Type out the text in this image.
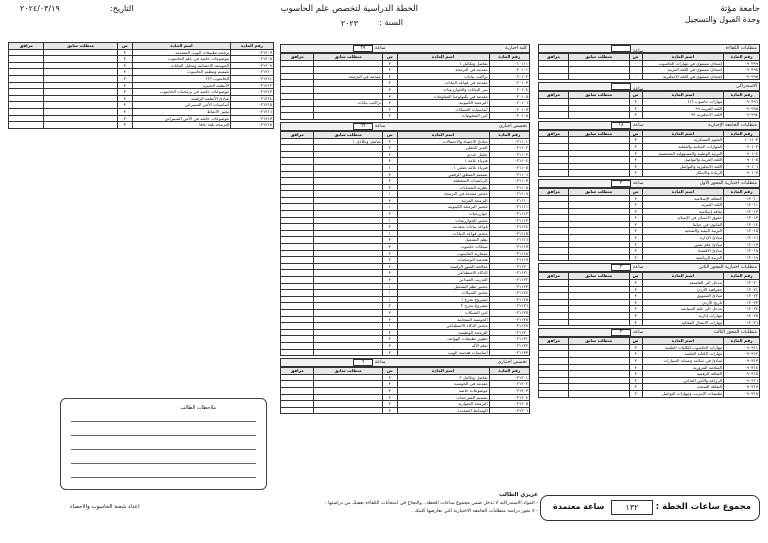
جامعة مؤتة
وحدة القبول والتسجيل
الخطة الدراسية لتخصص علم الحاسوب
السنة :
٢٠٢٣
التاريخ:
٢٠٢٤/٠٣/١٩
متطلبات الكفاءة
ساعة
رقم المادة	اسم المادة	س	متطلب سابق	مرافق
٠٩٠٢٩٩	امتحان مستوى في مهارات الحاسوب	٠		
٠٩٠٢٩٨	امتحان مستوى في اللغة العربية	٠		
٠٩٠٢٩٧	امتحان مستوى في اللغة الانجليزية	٠		
الاستدراكي
ساعة
رقم المادة	اسم المادة	س	متطلب سابق	مرافق
٠٩٠٢٩٦	مهارات حاسوب (١)	٣		
٠٩٠٢٩٥	اللغة العربية ٩٩	٣		
٠٩٠٢٩٤	اللغة الانجليزية ٩٩	٣		
متطلبات الجامعة الإجبارية
ساعة١٨
رقم المادة	اسم المادة	س	متطلب سابق	مرافق
١٠١١٠٣	العلوم العسكرية	٣		
٠٩٠١٠٣	المهارات الحياتية والعملية	٣		
٠٩٠١٠٤	التربية الوطنية والمسؤولية المجتمعية	٣		
٠٩٠١٠٥	اللغة العربية والتواصل	٣		
٠٩٠١٠٦	اللغة الانجليزية والتواصل	٣		
٠٩٠١٠٧	الريادة والابتكار	٣		
متطلبات اختيارية المحور الأول
ساعة٣
رقم المادة	اسم المادة	س	متطلب سابق	مرافق
٠١٢٠١٠	الثقافة الإسلامية	٣		
٠١٢٠١١	اللغة العبرية	٣		
٠١٢٠١٢	ثقافة إسلامية	٣		
٠١٢٠١٣	حقوق الانسان في الإسلام	٣		
٠١٢٠١٤	القانون في حياتنا	٣		
٠١٢٠١٥	التربية البيئية والصحية	٣		
٠١٢٠١٦	مبادئ الإدارة	٣		
٠١٢٠١٧	مبادئ علم نفس	٣		
٠١٢٠١٨	مبادئ الاقتصاد	٣		
٠١٢٠١٩	التربية الرياضية	٣		
متطلبات اختيارية المحور الثاني
ساعة٣
رقم المادة	اسم المادة	س	متطلب سابق	مرافق
٠١٢٠٢٠	مدخل الى الفلسفة	٣		
٠١٢٠٢١	جغرافية الأردن	٣		
٠١٢٠٢٢	مبادئ التسويق	٣		
٠١٢٠٢٣	تاريخ الأردن	٣		
٠١٢٠٢٤	مدخل الى علم السياسة	٣		
٠١٢٠٢٥	مهارات إدارية	٣		
٠١٢٠٢٦	مهارات الاتصال الفعالية	٣		
متطلبات المحور الثالث
ساعة٣
رقم المادة	اسم المادة	س	متطلب سابق	مرافق
٠٩٠٣١١	مهارات الحاسوب للكليات العلمية	٣		
٠٩٠٣١٢	مهارات الكتابة العلمية	٣		
٠٩٠٣١٣	مبادئ في سلامة وصيانة السيارات	٣		
٠٩٠٣١٤	السلامة المرورية	٣		
٠٩٠٣١٥	الثقافة الرقمية	٣		
٠٩٠٣١٦	الزراعة والأمن الغذائي	٣		
٠٩٠٣١٧	الثقافة الصحية	٣		
٠٩٠٣١٨	تطبيقات الإنترنت ومهارات التواصل	٣		
كلية اجبارية
ساعة٢٧
رقم المادة	اسم المادة	س	متطلب سابق	مرافق
٠١٠١١١	تفاضل وتكامل ١	٣		
٠٢٠١٠١	مقدمة في البرمجة	٣		
٠٢٠١٠٢	تراكيب بيانات	٣	مقدمة في البرمجة	
٠٢٠١٠٣	مقدمة في قواعد البيانات	٣		
٠٢٠١٠٤	بنى البيانات والخوارزميات	٣		
٠٢٠١٠٥	مقدمة في تكنولوجيا المعلومات	٣		
٠٢٠١٠٦	البرمجة الكينونية	٣	تراكيب بيانات	
٠٢٠١٠٧	أساسيات الشبكات	٣		
٠٢٠١٠٨	أمن المعلومات	٣		
تخصص اجباري
ساعة٦٦
رقم المادة	اسم المادة	س	متطلب سابق	مرافق
٠٢١١٠١	مبادئ الاحصاء والاحتمالات	٣	تفاضل وتكامل ١	
٠٢١١٠٢	الجبر الخطي	٣		
٠٢١١٠٣	تحليل عددي	٣		
٠٢١١٠٤	فيزياء عامة ١	٣		
٠٢١١٠٥	فيزياء عامة عملي ١	١		
٠٢١١٠٦	تصميم المنطق الرقمي	٣		
٠٢١١٠٧	الرياضيات المتقطعة	٣		
٠٢١١٠٨	نظرية الحسابات	٣		
٠٢١١٠٩	مختبر مقدمة في البرمجة	١		
٠٢١١١٠	البرمجة المرئية	٣		
٠٢١١١١	مختبر البرمجة الكينونية	١		
٠٢١١١٢	خوارزميات	٣		
٠٢١١١٣	مختبر الخوارزميات	١		
٠٢١١١٤	قواعد بيانات متقدمة	٣		
٠٢١١١٥	مختبر قواعد البيانات	١		
٠٢١١١٦	نظم التشغيل	٣		
٠٢١١١٧	شبكات حاسوب	٣		
٠٢١١١٨	معمارية الحاسوب	٣		
٠٢١١١٩	هندسة البرمجيات	٣		
٠٢١١٢٠	معالجة الصور الرقمية	٣		
٠٢١١٢١	الذكاء الاصطناعي	٣		
٠٢١١٢٢	التدريب الميداني	٣		
٠٢١١٢٣	مختبر نظم التشغيل	١		
٠٢١١٢٤	مختبر الشبكات	١		
٠٢١١٢٥	مشروع تخرج ١	١		
٠٢١١٢٦	مشروع تخرج ٢	٢		
٠٢١١٢٧	امن الشبكات	٣		
٠٢١١٢٨	الحوسبة السحابية	٣		
٠٢١١٢٩	مختبر الذكاء الاصطناعي	١		
٠٢١١٣٠	البرمجة الوظيفية	٣		
٠٢١١٣١	تطوير تطبيقات الهواتف	٣		
٠٢١١٣٢	تعلم الآلة	٣		
٠٢١١٣٣	أساسيات هندسة الويب	٣		
تخصص اختياري
ساعة٦
رقم المادة	اسم المادة	س	متطلب سابق	مرافق
٠٢١٢٠١	تفاضل وتكامل ٢	٣		
٠٢١٢٠٢	مقدمة في الحوسبة	٣		
٠٢١٢٠٣	موضوعات خاصة	٣		
٠٢١٢٠٤	تصميم المترجمات	٣		
٠٢١٢٠٥	البرمجة المتوازية	٣		
٠٢١٢٠٦	الوسائط المتعددة	٣		
رقم المادة	اسم المادة	س	متطلب سابق	مرافق
٠٢١٢٠٧	برمجة تطبيقات الويب المتقدمة	٣		
٠٢١٢٠٨	موضوعات خاصة في علم الحاسوب	٣		
٠٢١٢٠٩	الحوسبة الإحصائية وتحليل البيانات	٣		
٠٢١٢١٠	تصميم وتنظيم الحاسوب	٣		
٠٢١٢١١	الحاسوب (٢)	٣		
٠٢١٢١٢	الأنظمة الخبيرة	٣		
٠٢١٢١٣	موضوعات خاصة في برمجيات الحاسوب	٣		
٠٢١٢١٤	مبادئ الأنظمة الرقمية	٣		
٠٢١٢١٥	أساسيات الأمن السيبراني	٣		
٠٢١٢١٦	تمييز الأنماط	٣		
٠٢١٢١٧	موضوعات خاصة في الأمن السيبراني	٣		
٠٢١٢١٨	البرمجة بلغة جافا	٣		
ملاحظات الطالب
عزيزي الطالب
- المواد الاستدراكية لا تدخل ضمن مجموع ساعات الخطة ، والنجاح في امتحانات الكفاءة يعفيك من دراستها .
- لا يجوز دراسة متطلبات الجامعة الاختيارية التي تعارضها كليتك .
اعداد شعبة الحاسوب والاحصاء	مجموع ساعات الخطة :
١٣٢
ساعة معتمدة
